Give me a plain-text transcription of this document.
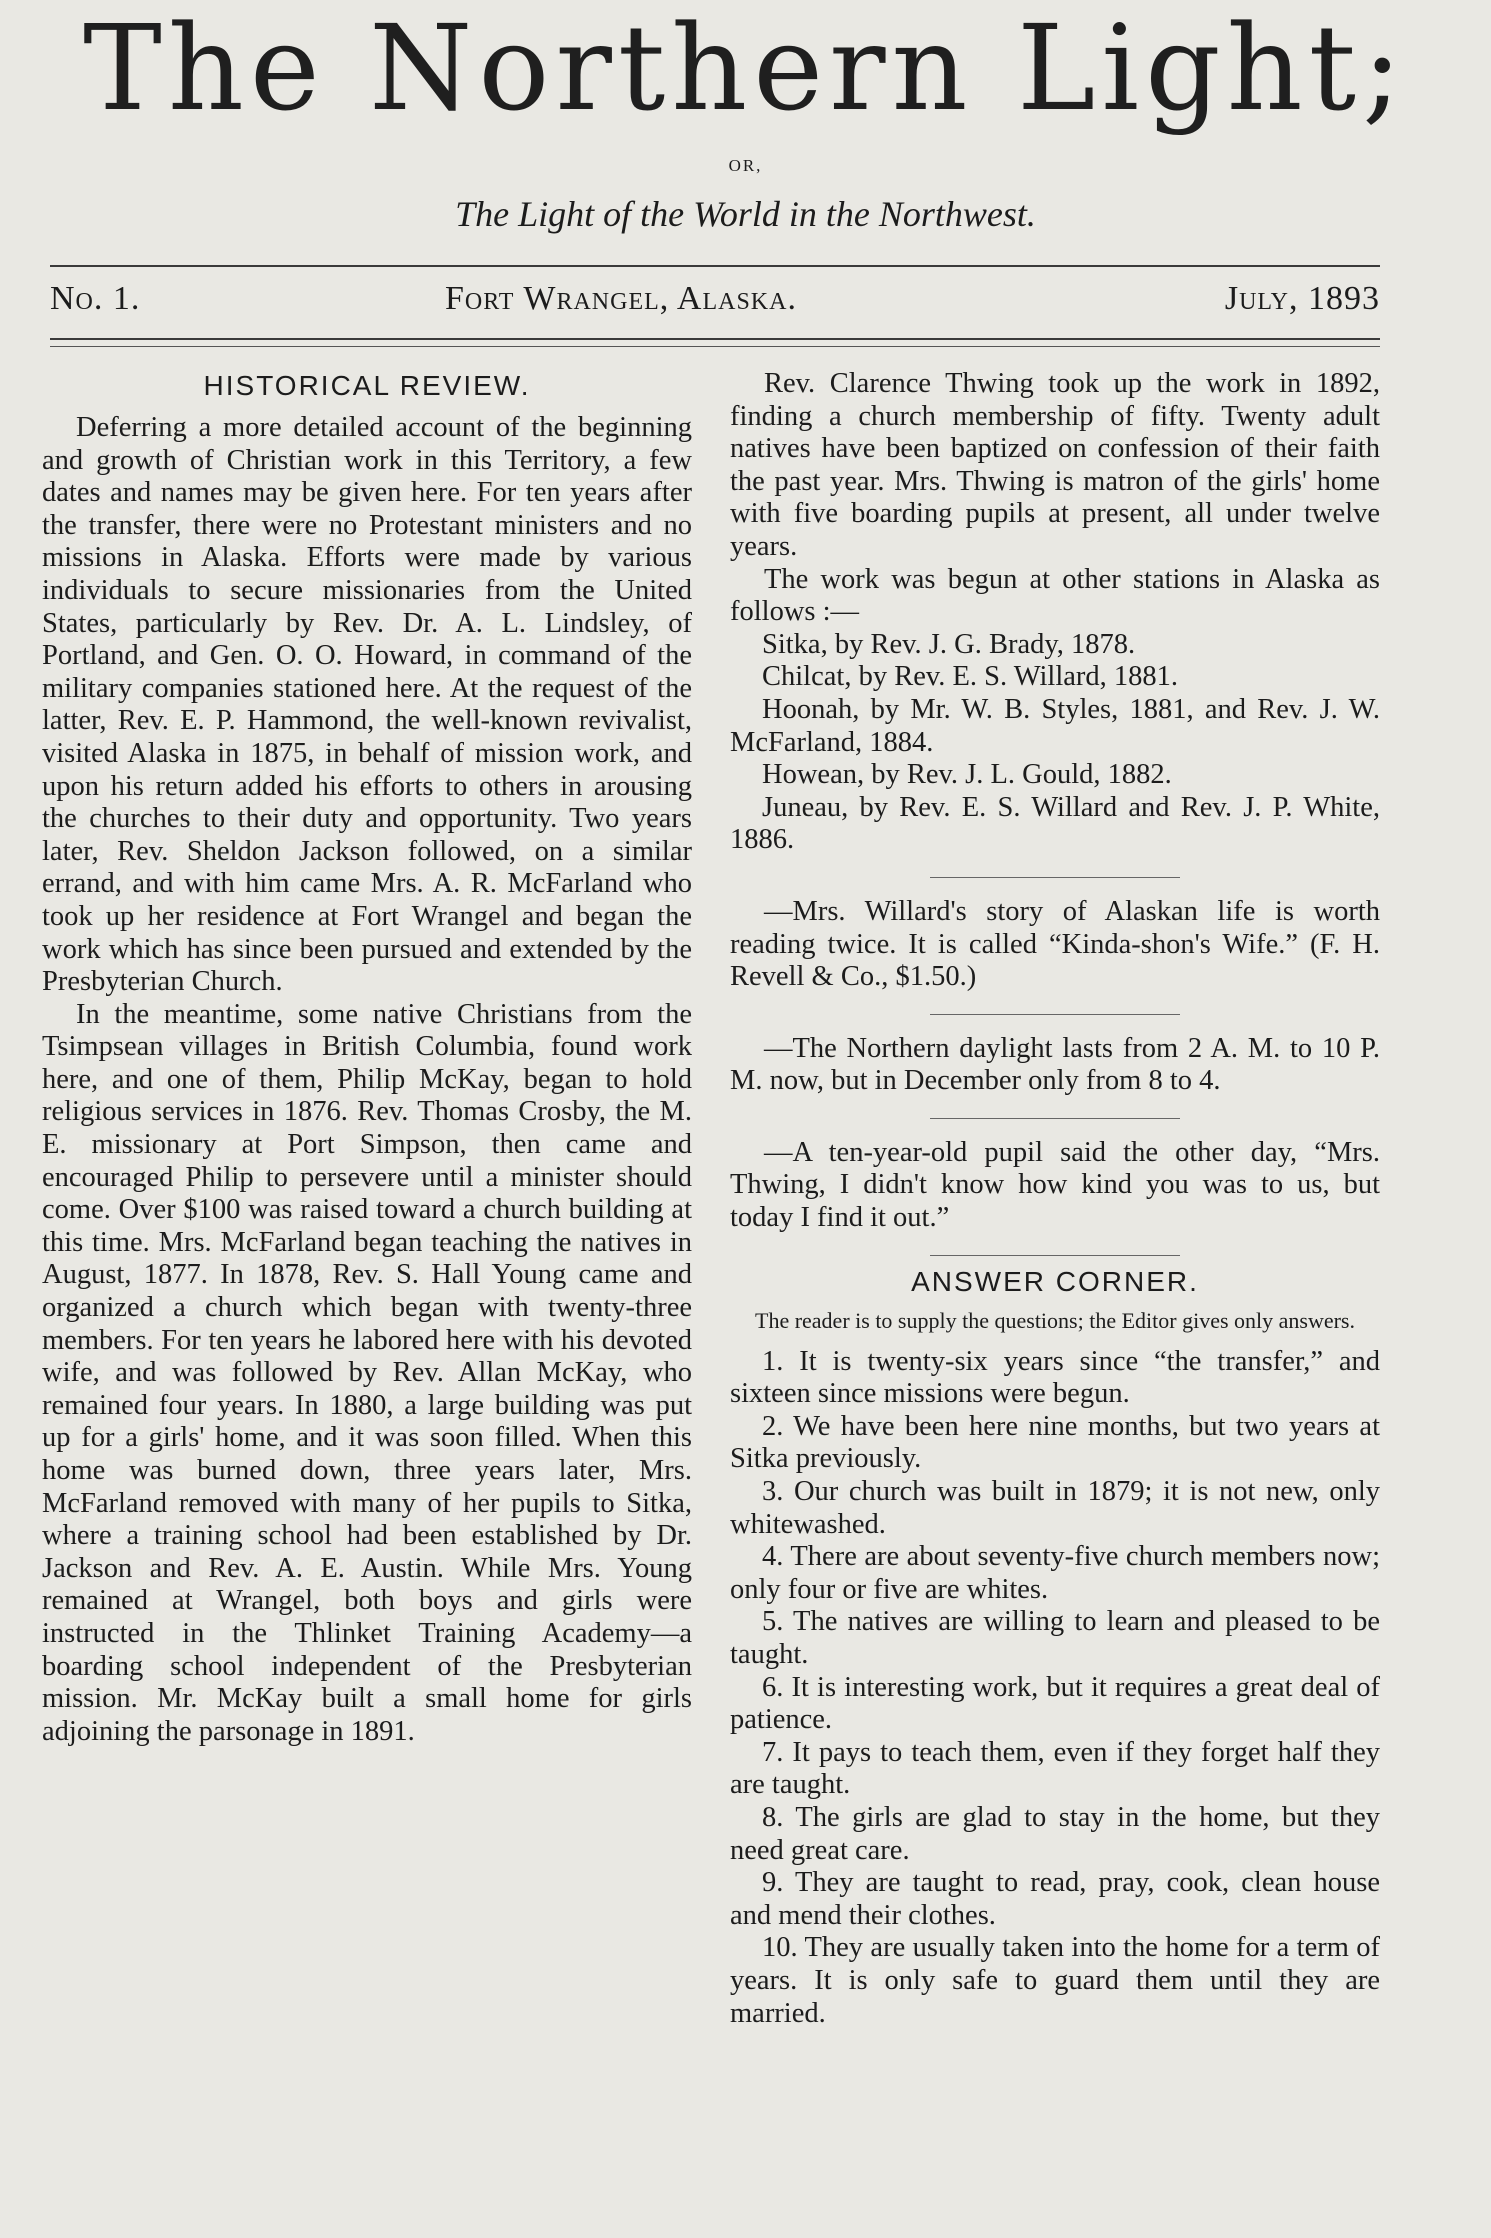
The Northern Light;
OR,
The Light of the World in the Northwest.
No. 1.	Fort Wrangel, Alaska.	July, 1893
HISTORICAL REVIEW.

Deferring a more detailed account of the beginning and growth of Christian work in this Territory, a few dates and names may be given here. For ten years after the transfer, there were no Protestant ministers and no missions in Alaska. Efforts were made by various individuals to secure missionaries from the United States, particularly by Rev. Dr. A. L. Lindsley, of Portland, and Gen. O. O. Howard, in command of the military companies stationed here. At the request of the latter, Rev. E. P. Hammond, the well-known revivalist, visited Alaska in 1875, in behalf of mission work, and upon his return added his efforts to others in arousing the churches to their duty and opportunity. Two years later, Rev. Sheldon Jackson followed, on a similar errand, and with him came Mrs. A. R. McFarland who took up her residence at Fort Wrangel and began the work which has since been pursued and extended by the Presbyterian Church.

In the meantime, some native Christians from the Tsimpsean villages in British Columbia, found work here, and one of them, Philip McKay, began to hold religious services in 1876. Rev. Thomas Crosby, the M. E. missionary at Port Simpson, then came and encouraged Philip to persevere until a minister should come. Over $100 was raised toward a church building at this time. Mrs. McFarland began teaching the natives in August, 1877. In 1878, Rev. S. Hall Young came and organized a church which began with twenty-three members. For ten years he labored here with his devoted wife, and was followed by Rev. Allan McKay, who remained four years. In 1880, a large building was put up for a girls' home, and it was soon filled. When this home was burned down, three years later, Mrs. McFarland removed with many of her pupils to Sitka, where a training school had been established by Dr. Jackson and Rev. A. E. Austin. While Mrs. Young remained at Wrangel, both boys and girls were instructed in the Thlinket Training Academy—a boarding school independent of the Presbyterian mission. Mr. McKay built a small home for girls adjoining the parsonage in 1891.

Rev. Clarence Thwing took up the work in 1892, finding a church membership of fifty. Twenty adult natives have been baptized on confession of their faith the past year. Mrs. Thwing is matron of the girls' home with five boarding pupils at present, all under twelve years.

The work was begun at other stations in Alaska as follows :—

Sitka, by Rev. J. G. Brady, 1878.

Chilcat, by Rev. E. S. Willard, 1881.

Hoonah, by Mr. W. B. Styles, 1881, and Rev. J. W. McFarland, 1884.

Howean, by Rev. J. L. Gould, 1882.

Juneau, by Rev. E. S. Willard and Rev. J. P. White, 1886.

—Mrs. Willard's story of Alaskan life is worth reading twice. It is called “Kinda-shon's Wife.” (F. H. Revell & Co., $1.50.)

—The Northern daylight lasts from 2 A. M. to 10 P. M. now, but in December only from 8 to 4.

—A ten-year-old pupil said the other day, “Mrs. Thwing, I didn't know how kind you was to us, but today I find it out.”

ANSWER CORNER.

The reader is to supply the questions; the Editor gives only answers.

1. It is twenty-six years since “the transfer,” and sixteen since missions were begun.

2. We have been here nine months, but two years at Sitka previously.

3. Our church was built in 1879; it is not new, only whitewashed.

4. There are about seventy-five church members now; only four or five are whites.

5. The natives are willing to learn and pleased to be taught.

6. It is interesting work, but it requires a great deal of patience.

7. It pays to teach them, even if they forget half they are taught.

8. The girls are glad to stay in the home, but they need great care.

9. They are taught to read, pray, cook, clean house and mend their clothes.

10. They are usually taken into the home for a term of years. It is only safe to guard them until they are married.
